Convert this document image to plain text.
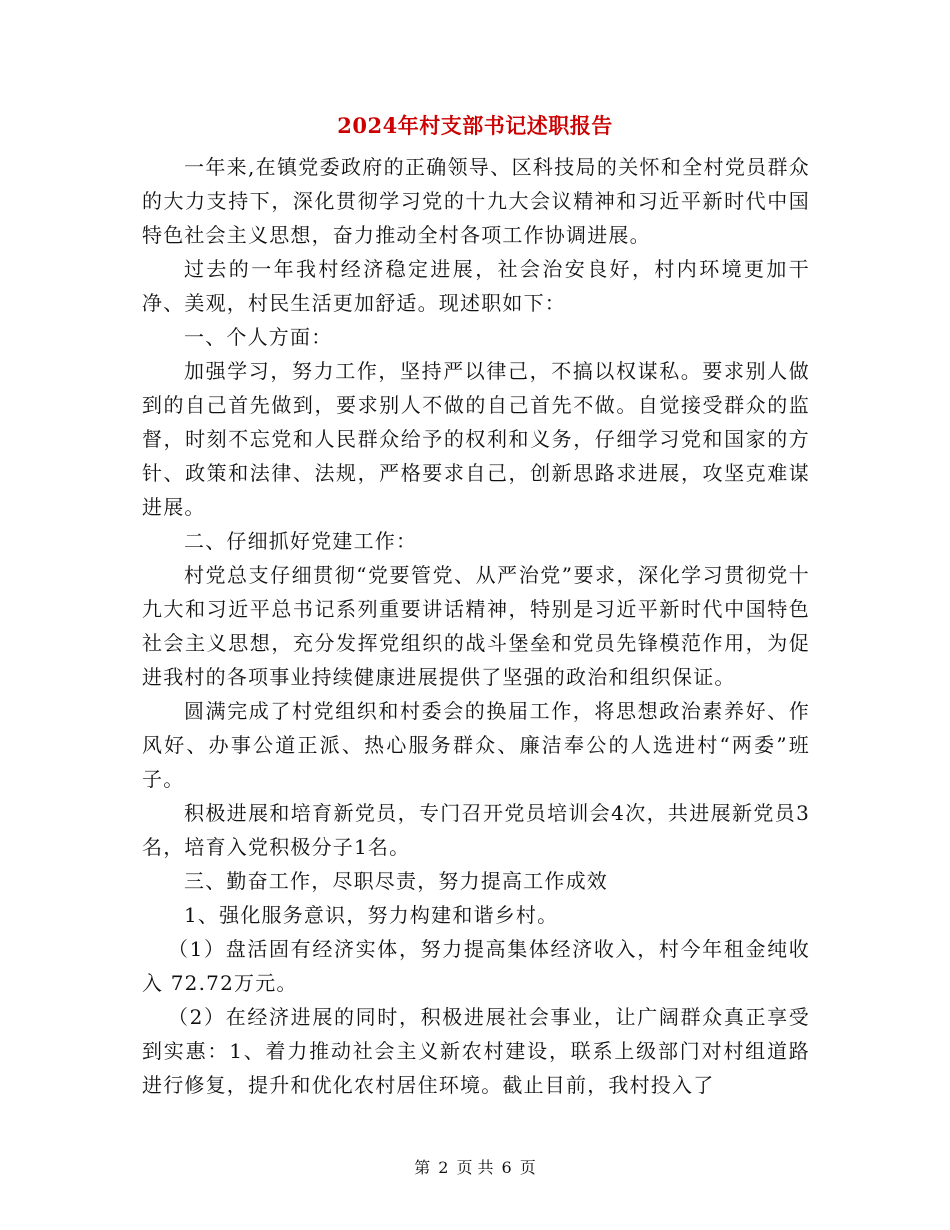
2024年村支部书记述职报告

一年来,在镇党委政府的正确领导、区科技局的关怀和全村党员群众的大力支持下，深化贯彻学习党的十九大会议精神和习近平新时代中国特色社会主义思想，奋力推动全村各项工作协调进展。

过去的一年我村经济稳定进展，社会治安良好，村内环境更加干净、美观，村民生活更加舒适。现述职如下：

一、个人方面：

加强学习，努力工作，坚持严以律己，不搞以权谋私。要求别人做到的自己首先做到，要求别人不做的自己首先不做。自觉接受群众的监督，时刻不忘党和人民群众给予的权利和义务，仔细学习党和国家的方针、政策和法律、法规，严格要求自己，创新思路求进展，攻坚克难谋进展。

二、仔细抓好党建工作：

村党总支仔细贯彻“党要管党、从严治党”要求，深化学习贯彻党十九大和习近平总书记系列重要讲话精神，特别是习近平新时代中国特色社会主义思想，充分发挥党组织的战斗堡垒和党员先锋模范作用，为促进我村的各项事业持续健康进展提供了坚强的政治和组织保证。

圆满完成了村党组织和村委会的换届工作，将思想政治素养好、作风好、办事公道正派、热心服务群众、廉洁奉公的人选进村“两委”班子。

积极进展和培育新党员，专门召开党员培训会4次，共进展新党员3名，培育入党积极分子1名。

三、勤奋工作，尽职尽责，努力提高工作成效

1、强化服务意识，努力构建和谐乡村。

（1）盘活固有经济实体，努力提高集体经济收入，村今年租金纯收入 72.72万元。

（2）在经济进展的同时，积极进展社会事业，让广阔群众真正享受到实惠：1、着力推动社会主义新农村建设，联系上级部门对村组道路进行修复，提升和优化农村居住环境。截止目前，我村投入了

第 2 页 共 6 页
